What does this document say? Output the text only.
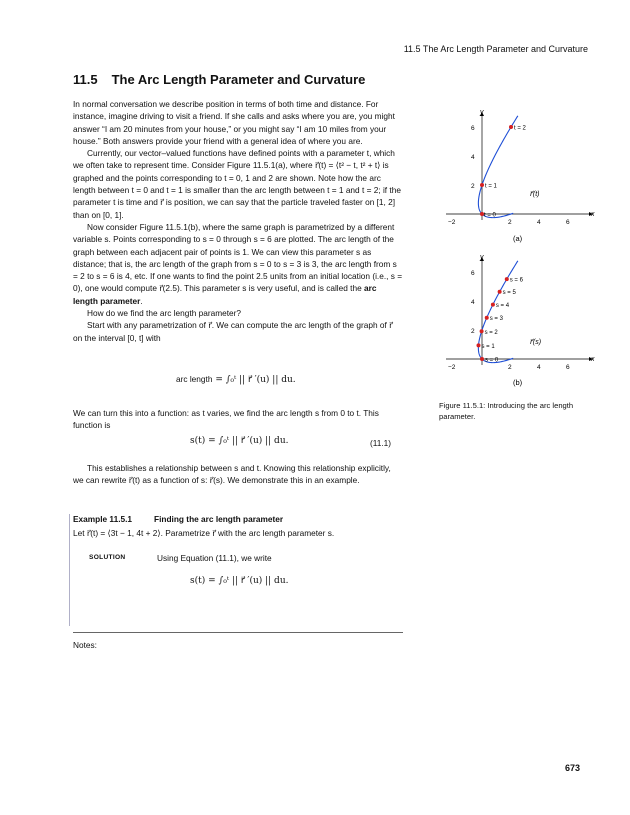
11.5 The Arc Length Parameter and Curvature
11.5 The Arc Length Parameter and Curvature

In normal conversation we describe position in terms of both time and distance. For instance, imagine driving to visit a friend. If she calls and asks where you are, you might answer “I am 20 minutes from your house,” or you might say “I am 10 miles from your house.” Both answers provide your friend with a general idea of where you are.

Currently, our vector–valued functions have defined points with a parameter t, which we often take to represent time. Consider Figure 11.5.1(a), where r⃗(t) = ⟨t² − t, t² + t⟩ is graphed and the points corresponding to t = 0, 1 and 2 are shown. Note how the arc length between t = 0 and t = 1 is smaller than the arc length between t = 1 and t = 2; if the parameter t is time and r⃗ is position, we can say that the particle traveled faster on [1, 2] than on [0, 1].

Now consider Figure 11.5.1(b), where the same graph is parametrized by a different variable s. Points corresponding to s = 0 through s = 6 are plotted. The arc length of the graph between each adjacent pair of points is 1. We can view this parameter s as distance; that is, the arc length of the graph from s = 0 to s = 3 is 3, the arc length from s = 2 to s = 6 is 4, etc. If one wants to find the point 2.5 units from an initial location (i.e., s = 0), one would compute r⃗(2.5). This parameter s is very useful, and is called the arc length parameter.

How do we find the arc length parameter?

Start with any parametrization of r⃗. We can compute the arc length of the graph of r⃗ on the interval [0, t] with

arc length = ∫₀ᵗ || r⃗ ′(u) || du.

We can turn this into a function: as t varies, we find the arc length s from 0 to t. This function is

s(t) = ∫₀ᵗ || r⃗ ′(u) || du.	(11.1)
This establishes a relationship between s and t. Knowing this relationship explicitly, we can rewrite r⃗(t) as a function of s: r⃗(s). We demonstrate this in an example.
Example 11.5.1	Finding the arc length parameter
Let r⃗(t) = ⟨3t − 1, 4t + 2⟩. Parametrize r⃗ with the arc length parameter s.
SOLUTION	Using Equation (11.1), we write
s(t) = ∫₀ᵗ || r⃗ ′(u) || du.
Notes:
673
x
y
−2	2	4	6
2
4
6
t = 0
t = 1
t = 2
r⃗(t)
(a)
x
y
−2	2	4	6
2
4
6
s = 0
s = 1
s = 2
s = 3
s = 4
s = 5
s = 6
r⃗(s)
(b)
Figure 11.5.1: Introducing the arc length parameter.
